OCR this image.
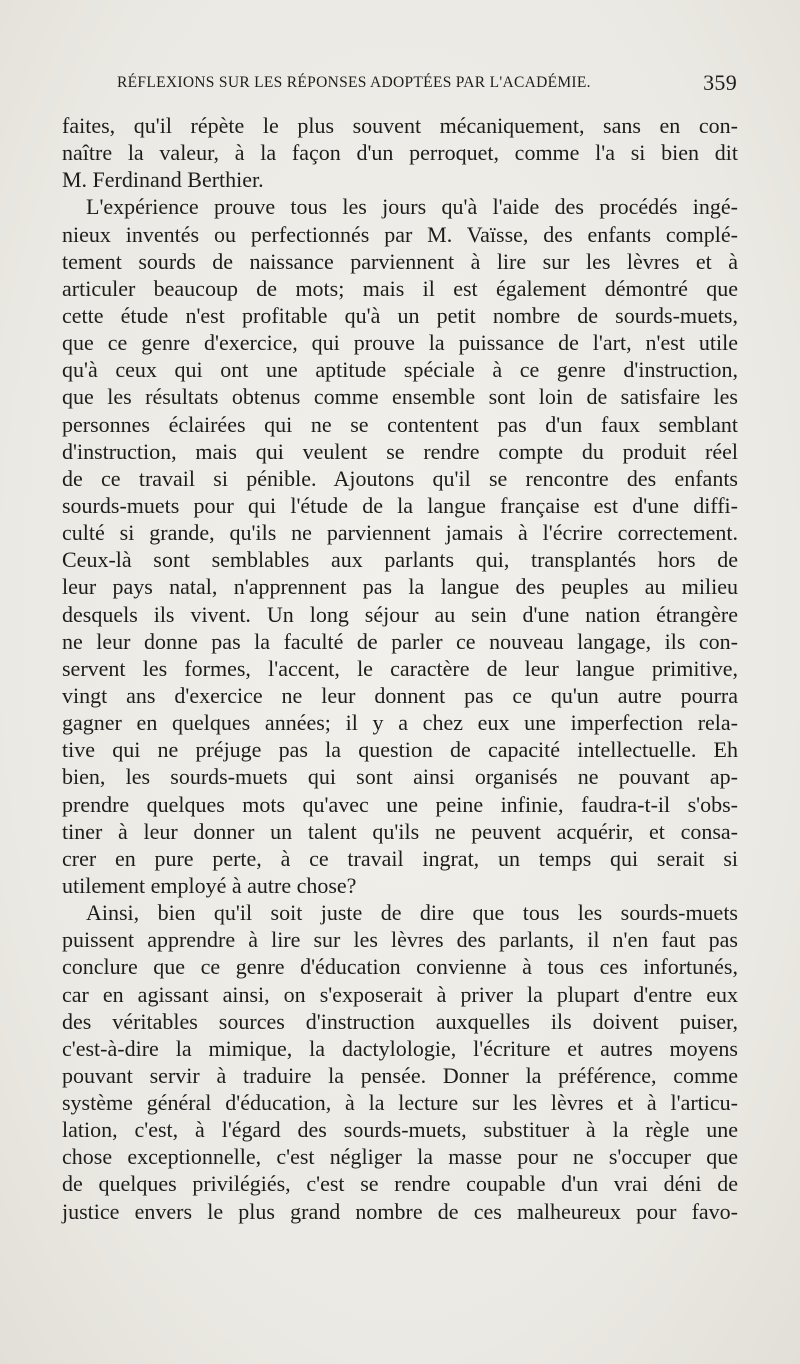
RÉFLEXIONS SUR LES RÉPONSES ADOPTÉES PAR L'ACADÉMIE.	359
faites, qu'il répète le plus souvent mécaniquement, sans en con-
naître la valeur, à la façon d'un perroquet, comme l'a si bien dit
M. Ferdinand Berthier.
L'expérience prouve tous les jours qu'à l'aide des procédés ingé-
nieux inventés ou perfectionnés par M. Vaïsse, des enfants complé-
tement sourds de naissance parviennent à lire sur les lèvres et à
articuler beaucoup de mots; mais il est également démontré que
cette étude n'est profitable qu'à un petit nombre de sourds-muets,
que ce genre d'exercice, qui prouve la puissance de l'art, n'est utile
qu'à ceux qui ont une aptitude spéciale à ce genre d'instruction,
que les résultats obtenus comme ensemble sont loin de satisfaire les
personnes éclairées qui ne se contentent pas d'un faux semblant
d'instruction, mais qui veulent se rendre compte du produit réel
de ce travail si pénible. Ajoutons qu'il se rencontre des enfants
sourds-muets pour qui l'étude de la langue française est d'une diffi-
culté si grande, qu'ils ne parviennent jamais à l'écrire correctement.
Ceux-là sont semblables aux parlants qui, transplantés hors de
leur pays natal, n'apprennent pas la langue des peuples au milieu
desquels ils vivent. Un long séjour au sein d'une nation étrangère
ne leur donne pas la faculté de parler ce nouveau langage, ils con-
servent les formes, l'accent, le caractère de leur langue primitive,
vingt ans d'exercice ne leur donnent pas ce qu'un autre pourra
gagner en quelques années; il y a chez eux une imperfection rela-
tive qui ne préjuge pas la question de capacité intellectuelle. Eh
bien, les sourds-muets qui sont ainsi organisés ne pouvant ap-
prendre quelques mots qu'avec une peine infinie, faudra-t-il s'obs-
tiner à leur donner un talent qu'ils ne peuvent acquérir, et consa-
crer en pure perte, à ce travail ingrat, un temps qui serait si
utilement employé à autre chose?
Ainsi, bien qu'il soit juste de dire que tous les sourds-muets
puissent apprendre à lire sur les lèvres des parlants, il n'en faut pas
conclure que ce genre d'éducation convienne à tous ces infortunés,
car en agissant ainsi, on s'exposerait à priver la plupart d'entre eux
des véritables sources d'instruction auxquelles ils doivent puiser,
c'est-à-dire la mimique, la dactylologie, l'écriture et autres moyens
pouvant servir à traduire la pensée. Donner la préférence, comme
système général d'éducation, à la lecture sur les lèvres et à l'articu-
lation, c'est, à l'égard des sourds-muets, substituer à la règle une
chose exceptionnelle, c'est négliger la masse pour ne s'occuper que
de quelques privilégiés, c'est se rendre coupable d'un vrai déni de
justice envers le plus grand nombre de ces malheureux pour favo-
